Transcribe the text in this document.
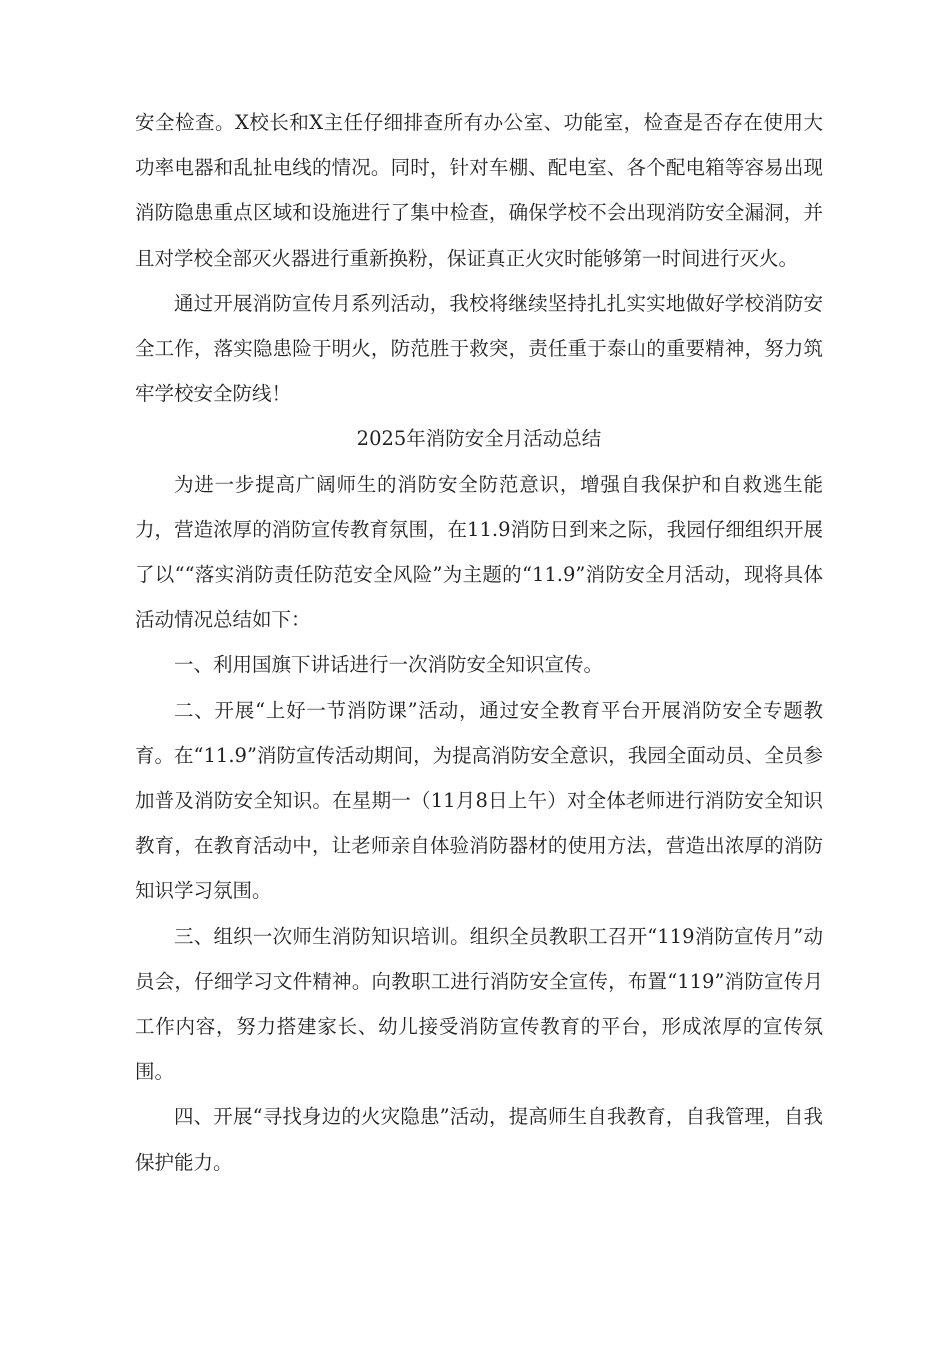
安全检查。X校长和X主任仔细排查所有办公室、功能室，检查是否存在使用大功率电器和乱扯电线的情况。同时，针对车棚、配电室、各个配电箱等容易出现消防隐患重点区域和设施进行了集中检查，确保学校不会出现消防安全漏洞，并且对学校全部灭火器进行重新换粉，保证真正火灾时能够第一时间进行灭火。

通过开展消防宣传月系列活动，我校将继续坚持扎扎实实地做好学校消防安全工作，落实隐患险于明火，防范胜于救突，责任重于泰山的重要精神，努力筑牢学校安全防线！

2025年消防安全月活动总结

为进一步提高广阔师生的消防安全防范意识，增强自我保护和自救逃生能力，营造浓厚的消防宣传教育氛围，在11.9消防日到来之际，我园仔细组织开展了以““落实消防责任防范安全风险”为主题的“11.9”消防安全月活动，现将具体活动情况总结如下：

一、利用国旗下讲话进行一次消防安全知识宣传。

二、开展“上好一节消防课”活动，通过安全教育平台开展消防安全专题教育。在“11.9”消防宣传活动期间，为提高消防安全意识，我园全面动员、全员参加普及消防安全知识。在星期一（11月8日上午）对全体老师进行消防安全知识教育，在教育活动中，让老师亲自体验消防器材的使用方法，营造出浓厚的消防知识学习氛围。

三、组织一次师生消防知识培训。组织全员教职工召开“119消防宣传月”动员会，仔细学习文件精神。向教职工进行消防安全宣传，布置“119”消防宣传月工作内容，努力搭建家长、幼儿接受消防宣传教育的平台，形成浓厚的宣传氛围。

四、开展“寻找身边的火灾隐患”活动，提高师生自我教育，自我管理，自我保护能力。
